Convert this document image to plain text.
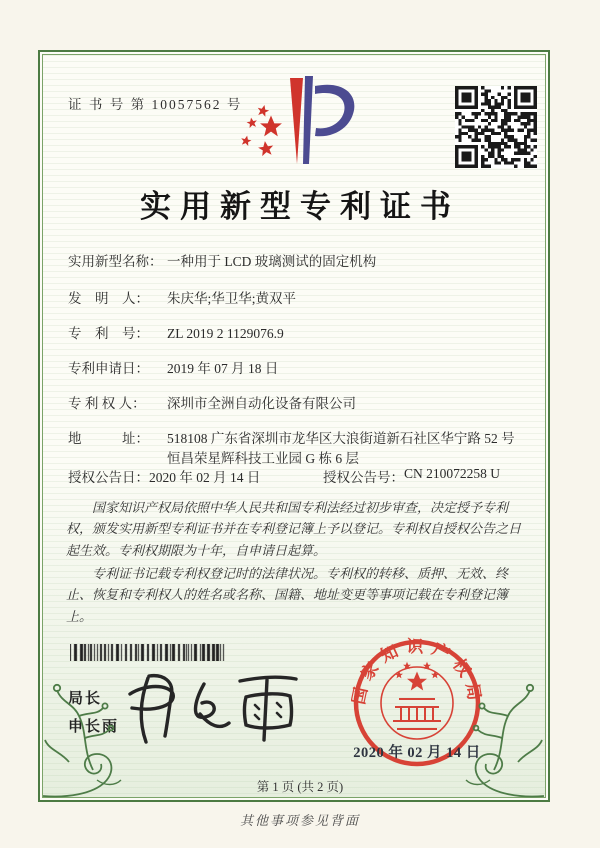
证 书 号 第 10057562 号
实用新型专利证书
实用新型名称： 一种用于 LCD 玻璃测试的固定机构
发　明　人：	朱庆华;华卫华;黄双平
专　利　号：	ZL 2019 2 1129076.9
专利申请日：	2019 年 07 月 18 日
专 利 权 人：	深圳市全洲自动化设备有限公司
地　　　址：	518108 广东省深圳市龙华区大浪街道新石社区华宁路 52 号恒昌荣星辉科技工业园 G 栋 6 层
授权公告日： 2020 年 02 月 14 日	授权公告号： CN 210072258 U

国家知识产权局依照中华人民共和国专利法经过初步审查，决定授予专利权，颁发实用新型专利证书并在专利登记簿上予以登记。专利权自授权公告之日起生效。专利权期限为十年，自申请日起算。

专利证书记载专利权登记时的法律状况。专利权的转移、质押、无效、终止、恢复和专利权人的姓名或名称、国籍、地址变更等事项记载在专利登记簿上。

局长
申长雨
国家知识产权局
2020 年 02 月 14 日
第 1 页 (共 2 页)
其他事项参见背面
